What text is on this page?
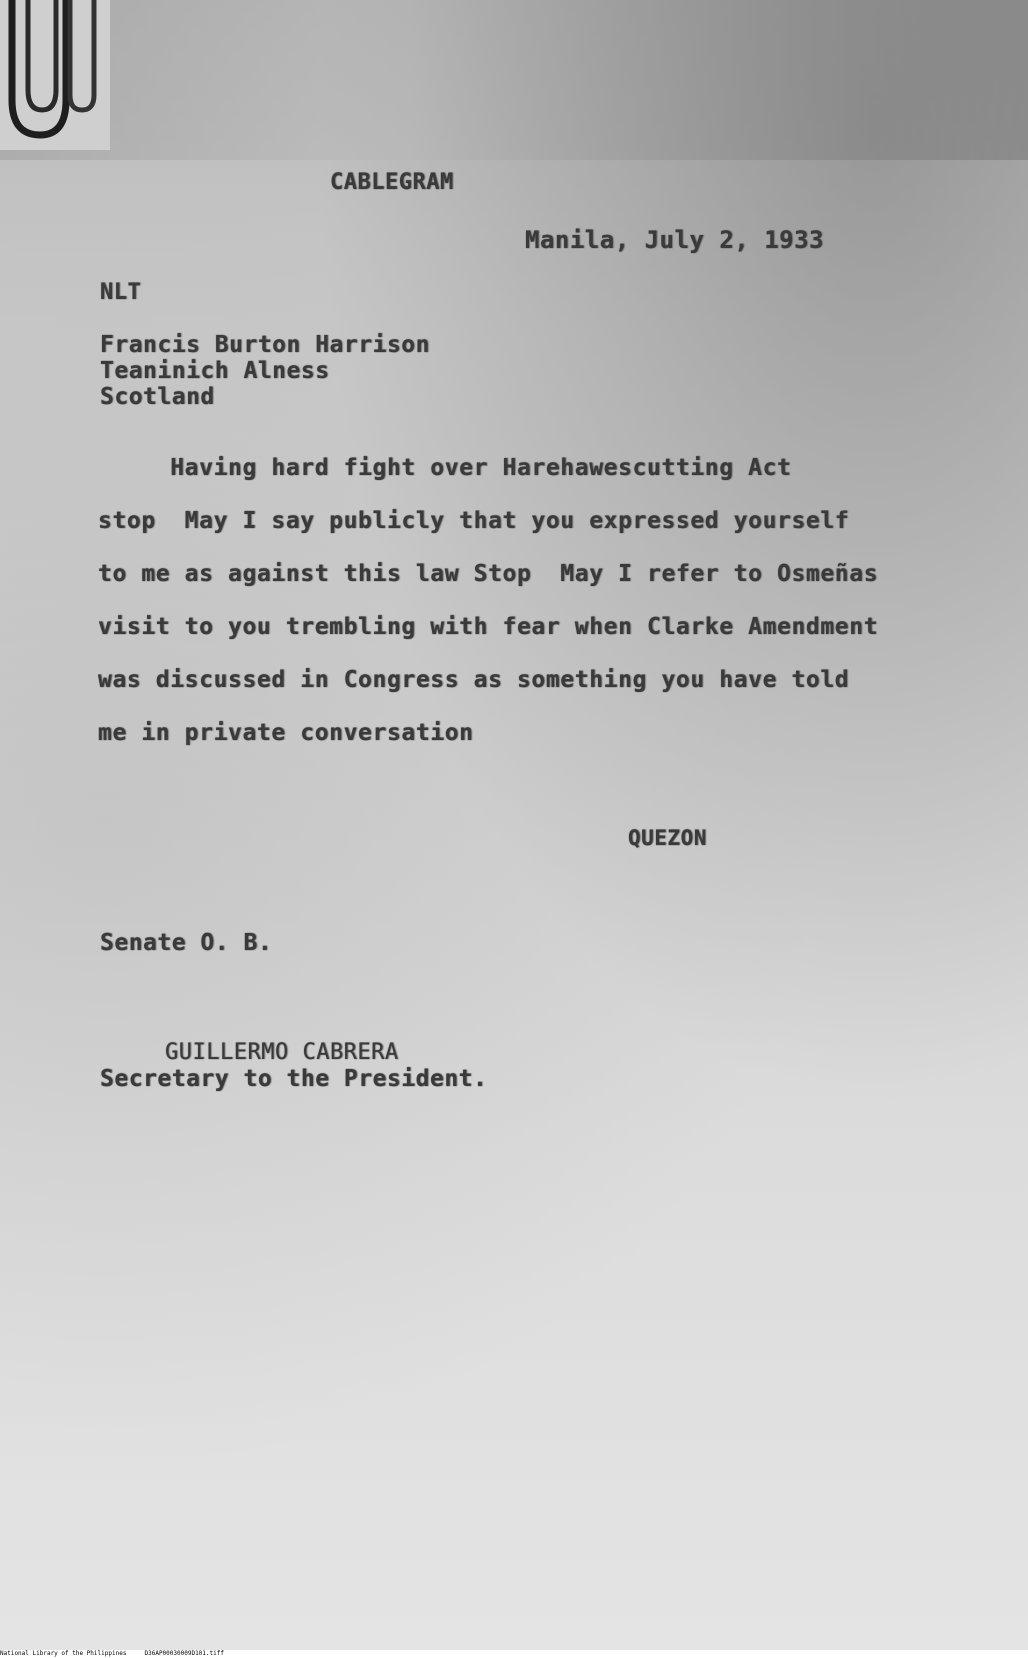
CABLEGRAM
Manila, July 2, 1933
NLT
Francis Burton Harrison
Teaninich Alness
Scotland
Having hard fight over Harehawescutting Act
stop  May I say publicly that you expressed yourself
to me as against this law Stop  May I refer to Osmeñas
visit to you trembling with fear when Clarke Amendment
was discussed in Congress as something you have told
me in private conversation
QUEZON
Senate O. B.
GUILLERMO CABRERA
Secretary to the President.
National Library of the Philippines     D36AP00030009D101.tiff
